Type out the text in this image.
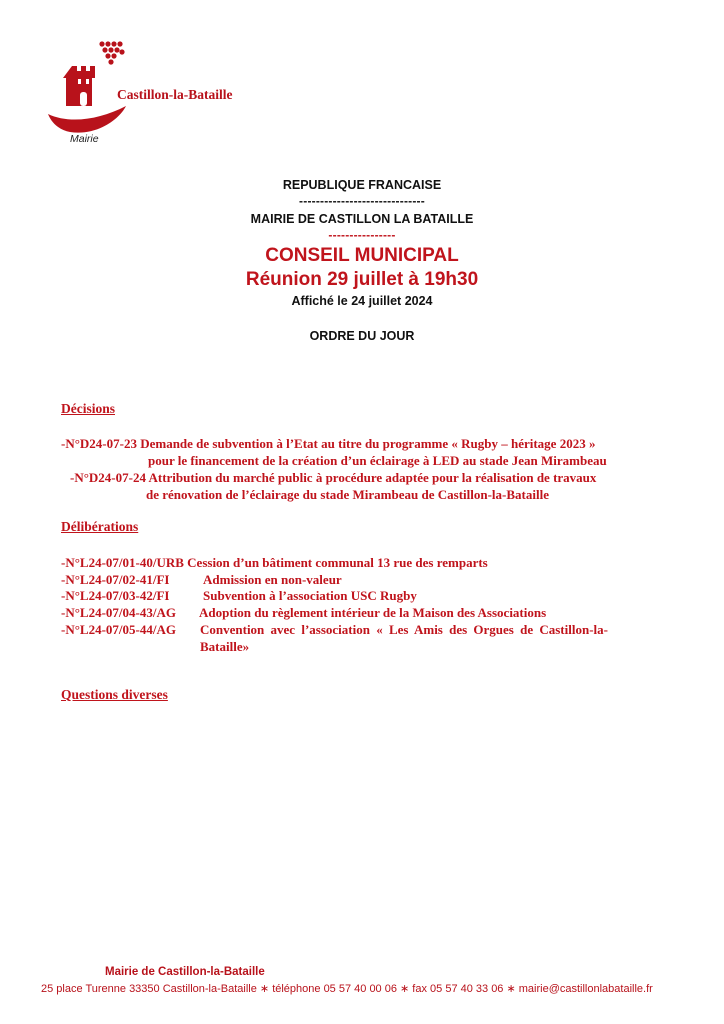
Castillon-la-Bataille
Mairie
REPUBLIQUE FRANCAISE
------------------------------
MAIRIE DE CASTILLON LA BATAILLE
----------------
CONSEIL MUNICIPAL
Réunion 29 juillet à 19h30
Affiché le 24 juillet 2024
ORDRE DU JOUR
Décisions
-N°D24-07-23 Demande de subvention à l’Etat au titre du programme « Rugby – héritage 2023 »
pour le financement de la création d’un éclairage à LED au stade Jean Mirambeau
-N°D24-07-24 Attribution du marché public à procédure adaptée pour la réalisation de travaux
de rénovation de l’éclairage du stade Mirambeau de Castillon-la-Bataille
Délibérations
-N°L24-07/01-40/URB Cession d’un bâtiment communal 13 rue des remparts
-N°L24-07/02-41/FI	Admission en non-valeur
-N°L24-07/03-42/FI	Subvention à l’association USC Rugby
-N°L24-07/04-43/AG Adoption du règlement intérieur de la Maison des Associations
-N°L24-07/05-44/AG Convention avec l’association « Les Amis des Orgues de Castillon-la-
Bataille»
Questions diverses
Mairie de Castillon-la-Bataille
25 place Turenne 33350 Castillon-la-Bataille ∗ téléphone 05 57 40 00 06 ∗ fax 05 57 40 33 06 ∗ mairie@castillonlabataille.fr
